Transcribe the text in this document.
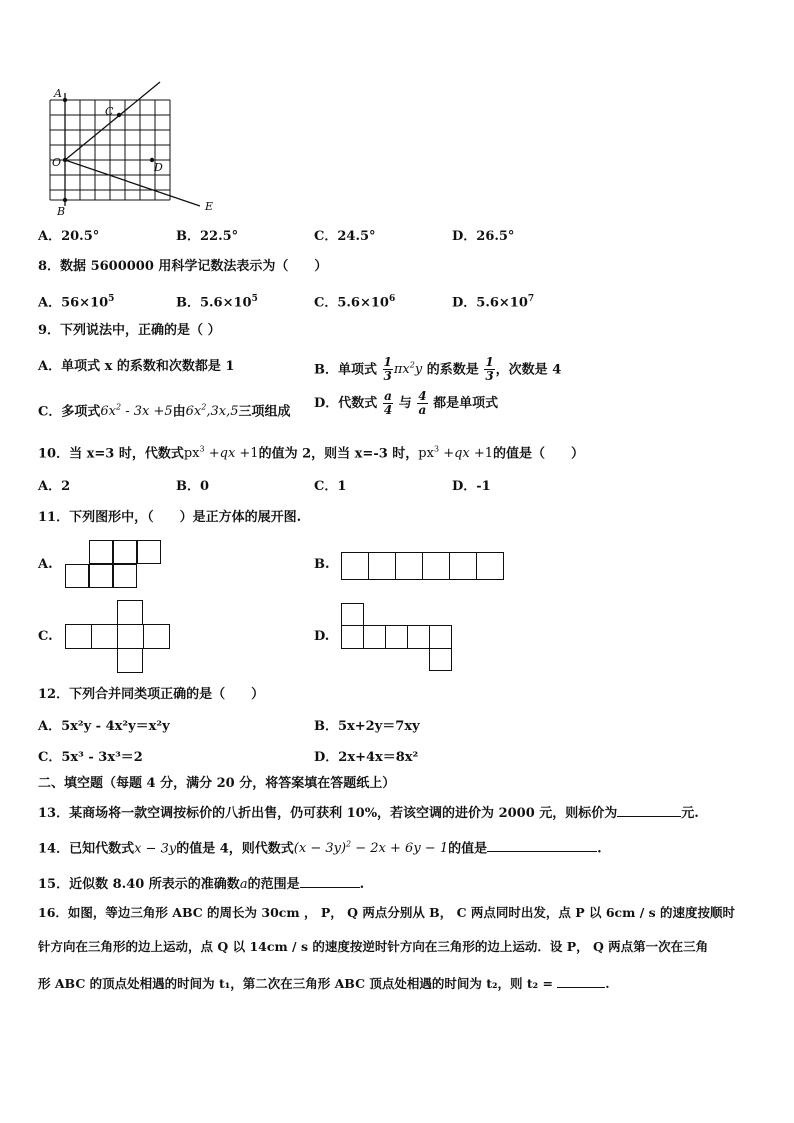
A
C
O	D
B	E
A．20.5°	B．22.5°	C．24.5°	D．26.5°
8．数据 5600000 用科学记数法表示为（　　）
A．$56\times 10^5$	B．$5.6\times 10^5$	C．$5.6\times 10^6$	D．$5.6\times 10^7$
9．下列说法中，正确的是（ ）
A．单项式 x 的系数和次数都是 1	B．单项式 $\frac{1}{3} \pi x^2y$ 的系数是 $\frac{1}{3}$ ，次数是 4
C．多项式$6x^2 - 3x +5$由$6x^2,3x,5$三项组成
D．代数式 $\frac{a}{4}$ 与 $\frac{4}{a}$ 都是单项式
10．当 x=3 时，代数式$px^3 +qx +1$的值为 2，则当 x=-3 时，$px^3 +qx +1$的值是（　　）
A．2	B．0	C．1	D．-1
11．下列图形中，（　　）是正方体的展开图.
A.	B.
C.	D.
12．下列合并同类项正确的是（　　）
A．5x²y - 4x²y＝x²y	B．5x+2y＝7xy
C．5x³ - 3x³＝2	D．2x+4x＝8x²
二、填空题（每题 4 分，满分 20 分，将答案填在答题纸上）
13．某商场将一款空调按标价的八折出售，仍可获利 10%，若该空调的进价为 2000 元，则标价为	元.
14．已知代数式x − 3y的值是 4，则代数式$(x - 3y)^2 - 2x + 6y - 1$的值是	.
15．近似数 8.40 所表示的准确数a的范围是	.
16．如图，等边三角形 ABC 的周长为 30cm ， P， Q 两点分别从 B， C 两点同时出发，点 P 以 6cm / s 的速度按顺时
针方向在三角形的边上运动，点 Q 以 14cm / s 的速度按逆时针方向在三角形的边上运动．设 P， Q 两点第一次在三角
形 ABC 的顶点处相遇的时间为 t₁，第二次在三角形 ABC 顶点处相遇的时间为 t₂，则 t₂ =	.
